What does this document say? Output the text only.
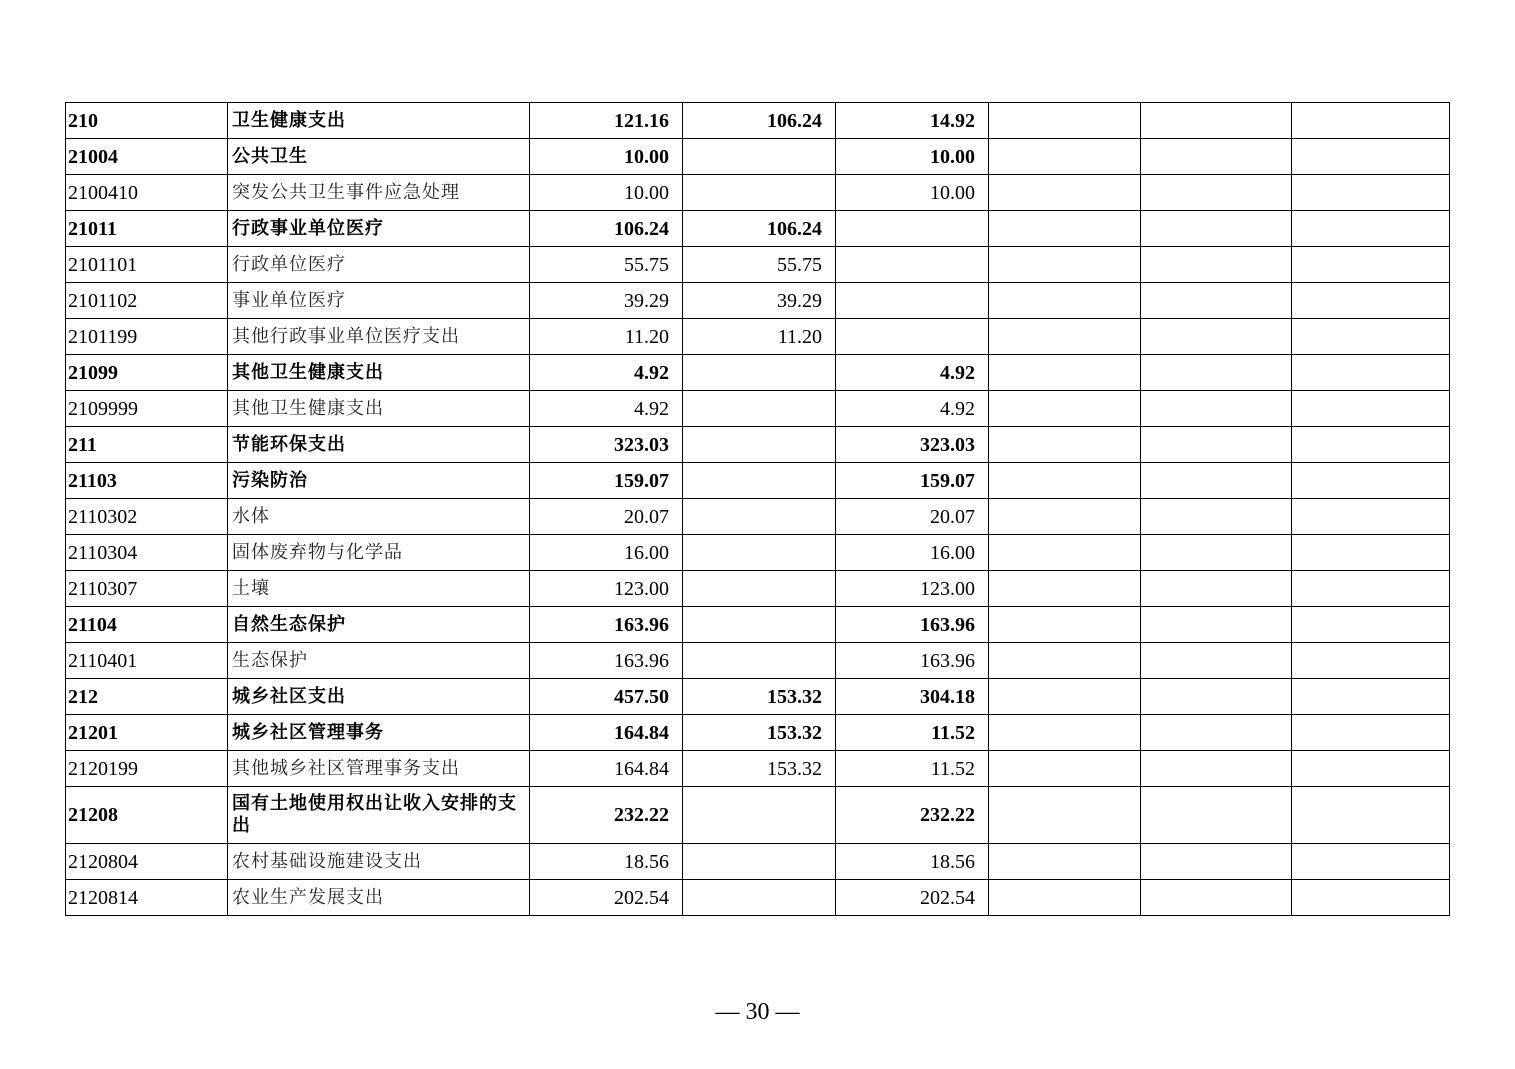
210	卫生健康支出	121.16	106.24	14.92			
21004	公共卫生	10.00		10.00			
2100410	突发公共卫生事件应急处理	10.00		10.00			
21011	行政事业单位医疗	106.24	106.24				
2101101	行政单位医疗	55.75	55.75				
2101102	事业单位医疗	39.29	39.29				
2101199	其他行政事业单位医疗支出	11.20	11.20				
21099	其他卫生健康支出	4.92		4.92			
2109999	其他卫生健康支出	4.92		4.92			
211	节能环保支出	323.03		323.03			
21103	污染防治	159.07		159.07			
2110302	水体	20.07		20.07			
2110304	固体废弃物与化学品	16.00		16.00			
2110307	土壤	123.00		123.00			
21104	自然生态保护	163.96		163.96			
2110401	生态保护	163.96		163.96			
212	城乡社区支出	457.50	153.32	304.18			
21201	城乡社区管理事务	164.84	153.32	11.52			
2120199	其他城乡社区管理事务支出	164.84	153.32	11.52			
21208	国有土地使用权出让收入安排的支出	232.22		232.22			
2120804	农村基础设施建设支出	18.56		18.56			
2120814	农业生产发展支出	202.54		202.54			
— 30 —
